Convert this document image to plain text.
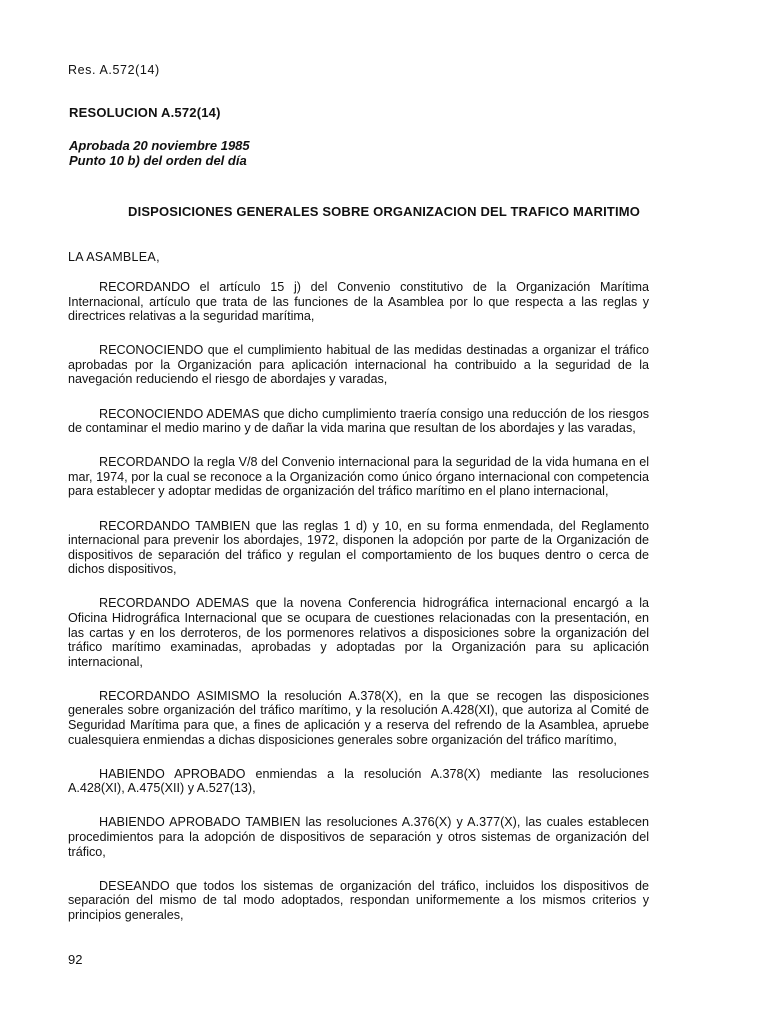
Res. A.572(14)
RESOLUCION A.572(14)
Aprobada 20 noviembre 1985
Punto 10 b) del orden del día
DISPOSICIONES GENERALES SOBRE ORGANIZACION DEL TRAFICO MARITIMO
LA ASAMBLEA,

RECORDANDO el artículo 15 j) del Convenio constitutivo de la Organización Marítima Internacional, artículo que trata de las funciones de la Asamblea por lo que respecta a las reglas y directrices relativas a la seguridad marítima,

RECONOCIENDO que el cumplimiento habitual de las medidas destinadas a organizar el tráfico aprobadas por la Organización para aplicación internacional ha contribuido a la seguridad de la navegación reduciendo el riesgo de abordajes y varadas,

RECONOCIENDO ADEMAS que dicho cumplimiento traería consigo una reducción de los riesgos de contaminar el medio marino y de dañar la vida marina que resultan de los abordajes y las varadas,

RECORDANDO la regla V/8 del Convenio internacional para la seguridad de la vida humana en el mar, 1974, por la cual se reconoce a la Organización como único órgano internacional con competencia para establecer y adoptar medidas de organización del tráfico marítimo en el plano internacional,

RECORDANDO TAMBIEN que las reglas 1 d) y 10, en su forma enmendada, del Reglamento internacional para prevenir los abordajes, 1972, disponen la adopción por parte de la Organización de dispositivos de separación del tráfico y regulan el comportamiento de los buques dentro o cerca de dichos dispositivos,

RECORDANDO ADEMAS que la novena Conferencia hidrográfica internacional encargó a la Oficina Hidrográfica Internacional que se ocupara de cuestiones relacionadas con la presentación, en las cartas y en los derroteros, de los pormenores relativos a disposiciones sobre la organización del tráfico marítimo examinadas, aprobadas y adoptadas por la Organización para su aplicación internacional,

RECORDANDO ASIMISMO la resolución A.378(X), en la que se recogen las disposiciones generales sobre organización del tráfico marítimo, y la resolución A.428(XI), que autoriza al Comité de Seguridad Marítima para que, a fines de aplicación y a reserva del refrendo de la Asamblea, apruebe cualesquiera enmiendas a dichas disposiciones generales sobre organización del tráfico marítimo,

HABIENDO APROBADO enmiendas a la resolución A.378(X) mediante las resoluciones A.428(XI), A.475(XII) y A.527(13),

HABIENDO APROBADO TAMBIEN las resoluciones A.376(X) y A.377(X), las cuales establecen procedimientos para la adopción de dispositivos de separación y otros sistemas de organización del tráfico,

DESEANDO que todos los sistemas de organización del tráfico, incluidos los dispositivos de separación del mismo de tal modo adoptados, respondan uniformemente a los mismos criterios y principios generales,

92
